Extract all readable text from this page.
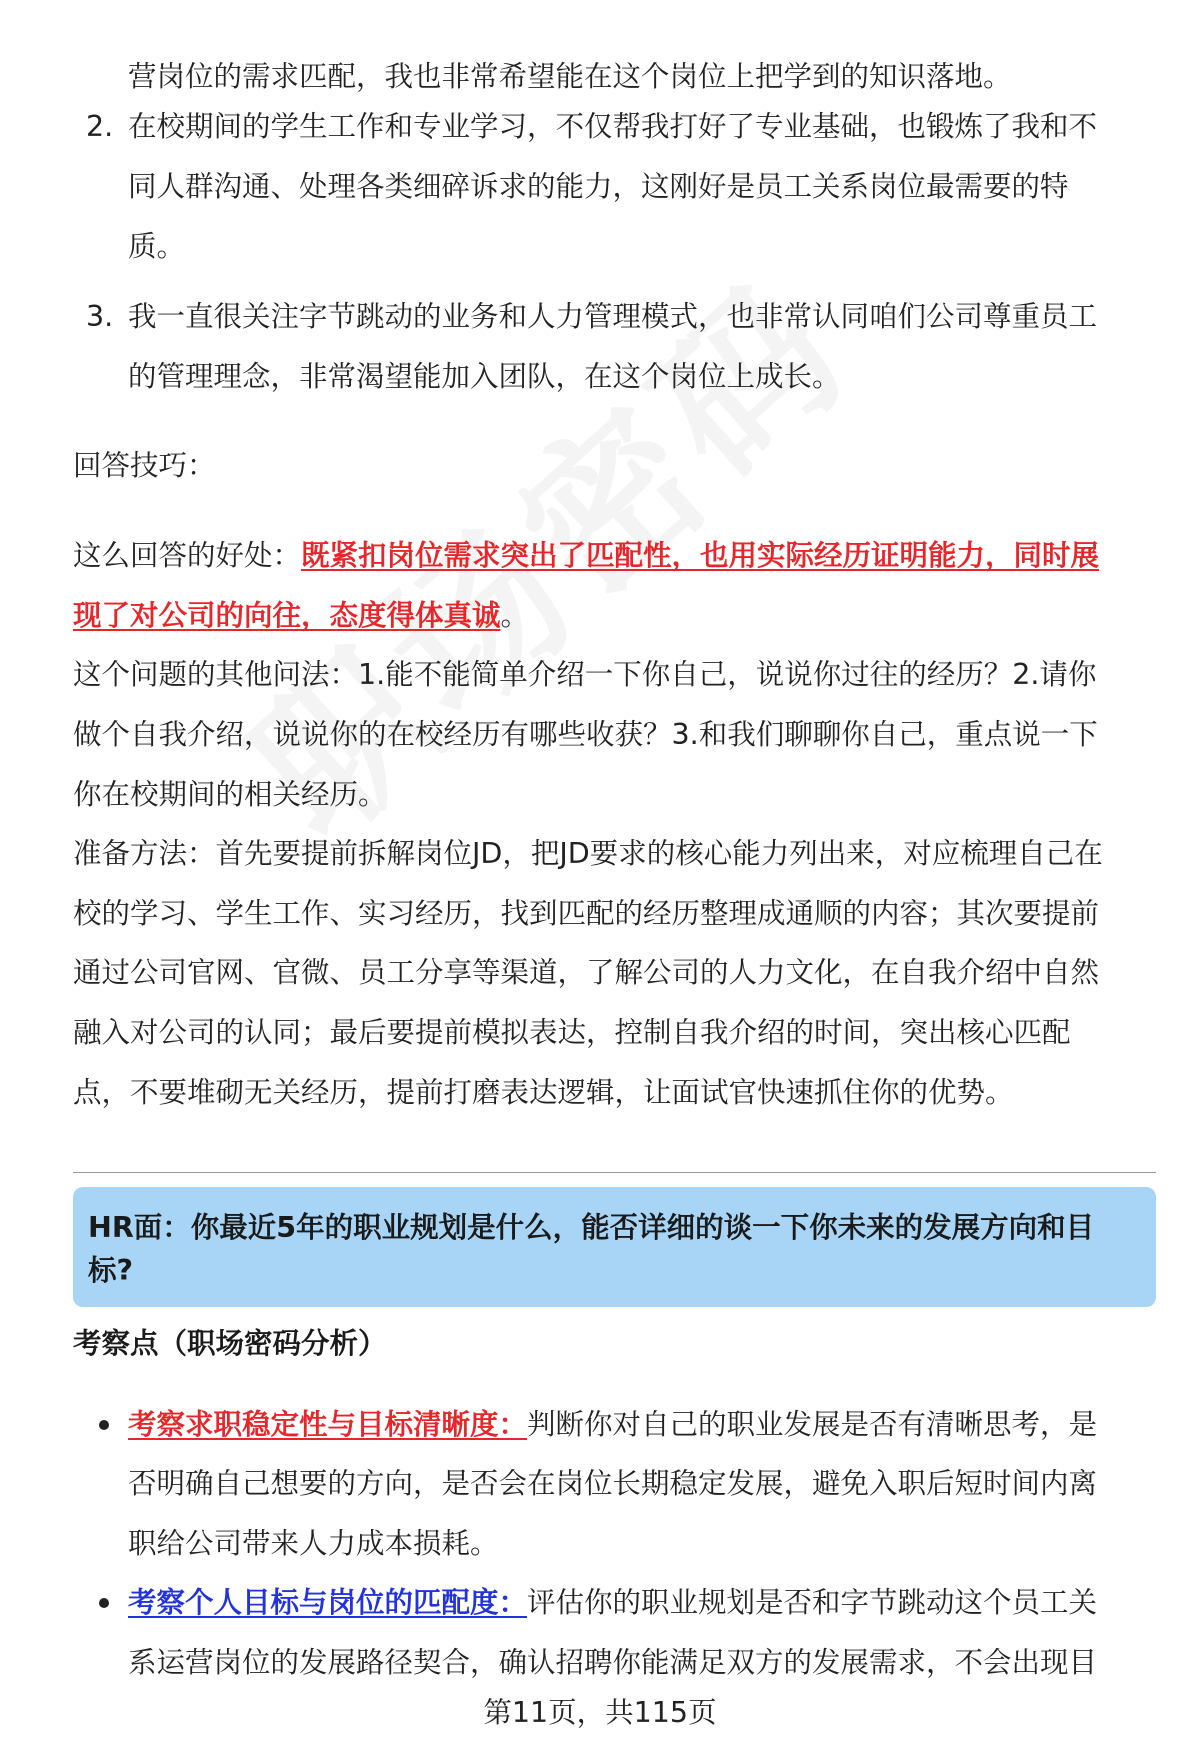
营岗位的需求匹配，我也非常希望能在这个岗位上把学到的知识落地。
2. 在校期间的学生工作和专业学习，不仅帮我打好了专业基础，也锻炼了我和不
同人群沟通、处理各类细碎诉求的能力，这刚好是员工关系岗位最需要的特
质。
3. 我一直很关注字节跳动的业务和人力管理模式，也非常认同咱们公司尊重员工
的管理理念，非常渴望能加入团队，在这个岗位上成长。
回答技巧：
这么回答的好处：既紧扣岗位需求突出了匹配性，也用实际经历证明能力，同时展
现了对公司的向往，态度得体真诚。
这个问题的其他问法：1.能不能简单介绍一下你自己，说说你过往的经历？2.请你
做个自我介绍，说说你的在校经历有哪些收获？3.和我们聊聊你自己，重点说一下
你在校期间的相关经历。
准备方法：首先要提前拆解岗位JD，把JD要求的核心能力列出来，对应梳理自己在
校的学习、学生工作、实习经历，找到匹配的经历整理成通顺的内容；其次要提前
通过公司官网、官微、员工分享等渠道，了解公司的人力文化，在自我介绍中自然
融入对公司的认同；最后要提前模拟表达，控制自我介绍的时间，突出核心匹配
点，不要堆砌无关经历，提前打磨表达逻辑，让面试官快速抓住你的优势。
HR面：你最近5年的职业规划是什么，能否详细的谈一下你未来的发展方向和目
标?
考察点（职场密码分析）
考察求职稳定性与目标清晰度：判断你对自己的职业发展是否有清晰思考，是
否明确自己想要的方向，是否会在岗位长期稳定发展，避免入职后短时间内离
职给公司带来人力成本损耗。
考察个人目标与岗位的匹配度：评估你的职业规划是否和字节跳动这个员工关
系运营岗位的发展路径契合，确认招聘你能满足双方的发展需求，不会出现目
第11页，共115页
